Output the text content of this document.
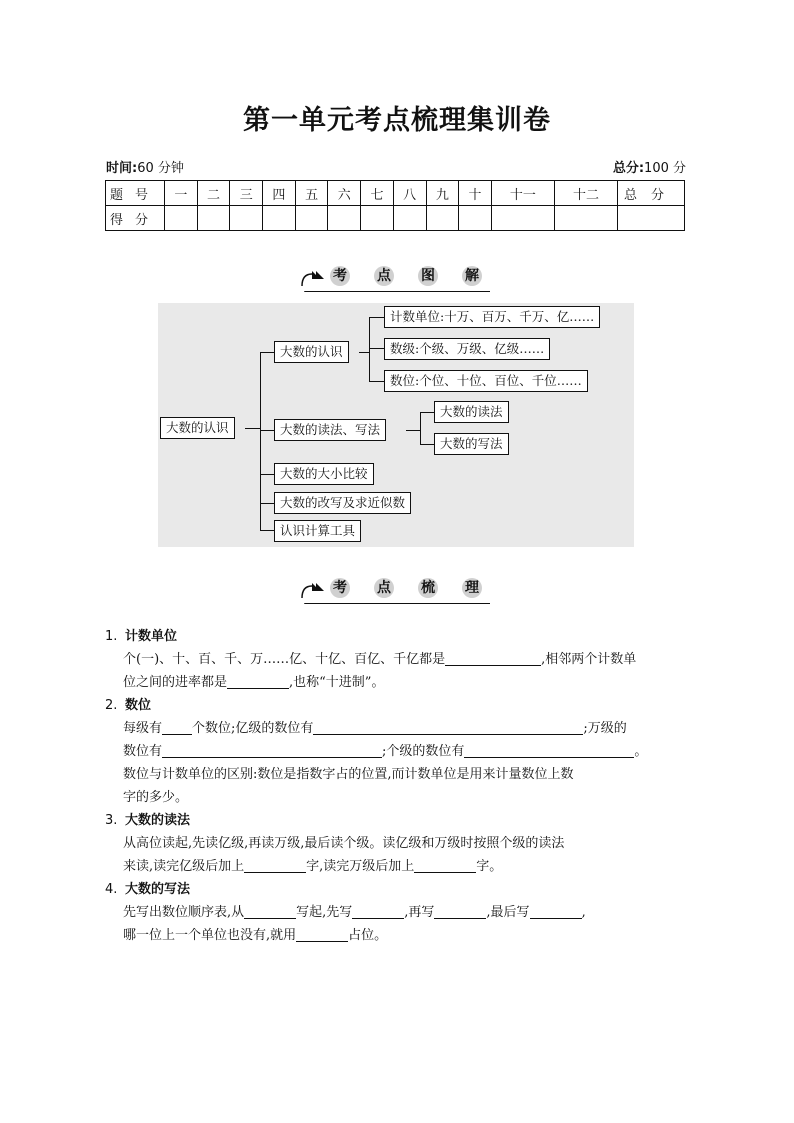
第一单元考点梳理集训卷
时间:60 分钟	总分:100 分
题号	一	二	三	四	五	六	七	八	九	十	十一	十二	总分
得分													
考 点 图 解
大数的认识
大数的认识
大数的读法、写法
大数的大小比较
大数的改写及求近似数
认识计算工具
计数单位:十万、百万、千万、亿……
数级:个级、万级、亿级……
数位:个位、十位、百位、千位……
大数的读法
大数的写法
考 点 梳 理
1. 计数单位
个(一)、十、百、千、万……亿、十亿、百亿、千亿都是	,相邻两个计数单
位之间的进率都是	,也称“十进制”。
2. 数位
每级有 个数位;亿级的数位有	;万级的
数位有	;个级的数位有	。
数位与计数单位的区别:数位是指数字占的位置,而计数单位是用来计量数位上数
字的多少。
3. 大数的读法
从高位读起,先读亿级,再读万级,最后读个级。读亿级和万级时按照个级的读法
来读,读完亿级后加上	字,读完万级后加上	字。
4. 大数的写法
先写出数位顺序表,从	写起,先写	,再写	,最后写	,
哪一位上一个单位也没有,就用	占位。
